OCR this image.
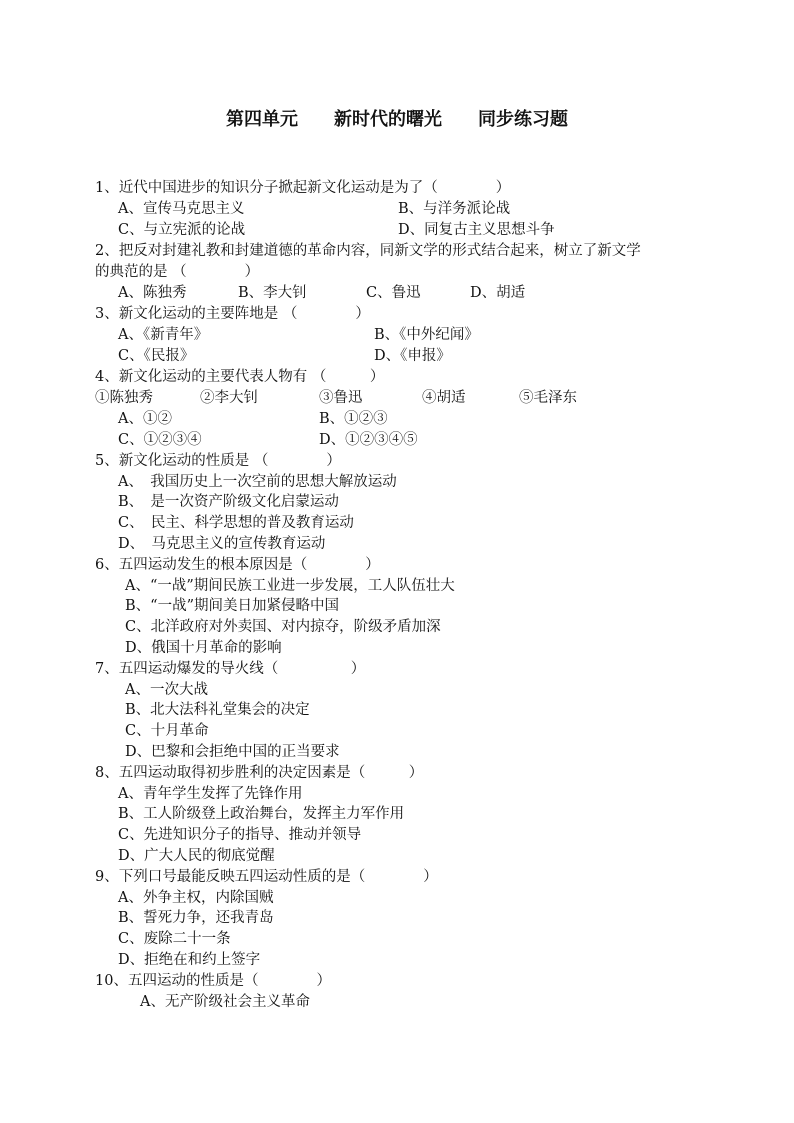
第四单元　　新时代的曙光　　同步练习题
1、近代中国进步的知识分子掀起新文化运动是为了（　　　　）
A、宣传马克思主义	B、与洋务派论战
C、与立宪派的论战	D、同复古主义思想斗争
2、把反对封建礼教和封建道德的革命内容，同新文学的形式结合起来，树立了新文学
的典范的是 （　　　　）
A、陈独秀	B、李大钊	C、鲁迅	D、胡适
3、新文化运动的主要阵地是 （　　　　）
A、《新青年》	B、《中外纪闻》
C、《民报》	D、《申报》
4、新文化运动的主要代表人物有 （　　　）
①陈独秀	②李大钊	③鲁迅	④胡适	⑤毛泽东
A、①②	B、①②③
C、①②③④	D、①②③④⑤
5、新文化运动的性质是 （　　　　）
A、　我国历史上一次空前的思想大解放运动
B、　是一次资产阶级文化启蒙运动
C、　民主、科学思想的普及教育运动
D、　马克思主义的宣传教育运动
6、五四运动发生的根本原因是（　　　　）
A、“一战”期间民族工业进一步发展，工人队伍壮大
B、“一战”期间美日加紧侵略中国
C、北洋政府对外卖国、对内掠夺，阶级矛盾加深
D、俄国十月革命的影响
7、五四运动爆发的导火线（　　　　　）
A、一次大战
B、北大法科礼堂集会的决定
C、十月革命
D、巴黎和会拒绝中国的正当要求
8、五四运动取得初步胜利的决定因素是（　　　）
A、青年学生发挥了先锋作用
B、工人阶级登上政治舞台，发挥主力军作用
C、先进知识分子的指导、推动并领导
D、广大人民的彻底觉醒
9、下列口号最能反映五四运动性质的是（　　　　）
A、外争主权，内除国贼
B、誓死力争，还我青岛
C、废除二十一条
D、拒绝在和约上签字
10、五四运动的性质是（　　　　）
A、无产阶级社会主义革命
